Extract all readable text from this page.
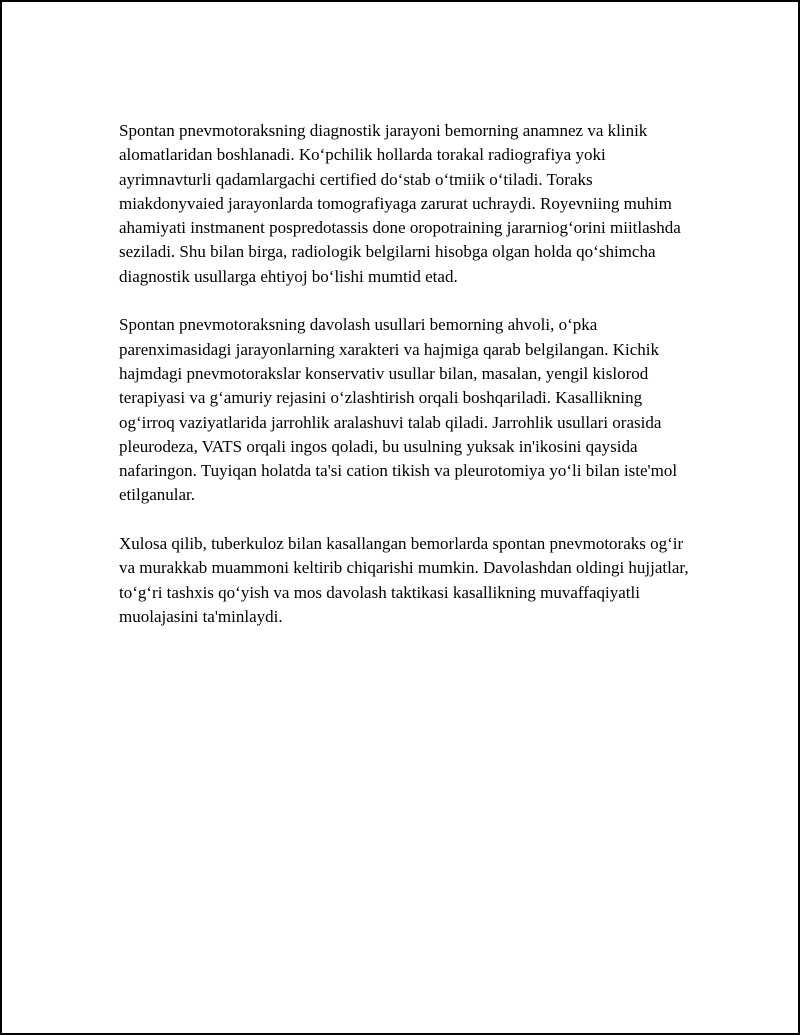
Spontan pnevmotoraksning diagnostik jarayoni bemorning anamnez va klinik alomatlaridan boshlanadi. Ko‘pchilik hollarda torakal radiografiya yoki ayrimnavturli qadamlargachi certified do‘stab o‘tmiik o‘tiladi. Toraks miakdonyvaied jarayonlarda tomografiyaga zarurat uchraydi. Royevniing muhim ahamiyati instmanent pospredotassis done oropotraining jararniog‘orini miitlashda seziladi. Shu bilan birga, radiologik belgilarni hisobga olgan holda qo‘shimcha diagnostik usullarga ehtiyoj bo‘lishi mumtid etad.

Spontan pnevmotoraksning davolash usullari bemorning ahvoli, o‘pka parenximasidagi jarayonlarning xarakteri va hajmiga qarab belgilangan. Kichik hajmdagi pnevmotorakslar konservativ usullar bilan, masalan, yengil kislorod terapiyasi va g‘amuriy rejasini o‘zlashtirish orqali boshqariladi. Kasallikning og‘irroq vaziyatlarida jarrohlik aralashuvi talab qiladi. Jarrohlik usullari orasida pleurodeza, VATS orqali ingos qoladi, bu usulning yuksak in'ikosini qaysida nafaringon. Tuyiqan holatda ta'si cation tikish va pleurotomiya yo‘li bilan iste'mol etilganular.

Xulosa qilib, tuberkuloz bilan kasallangan bemorlarda spontan pnevmotoraks og‘ir va murakkab muammoni keltirib chiqarishi mumkin. Davolashdan oldingi hujjatlar, to‘g‘ri tashxis qo‘yish va mos davolash taktikasi kasallikning muvaffaqiyatli muolajasini ta'minlaydi.
